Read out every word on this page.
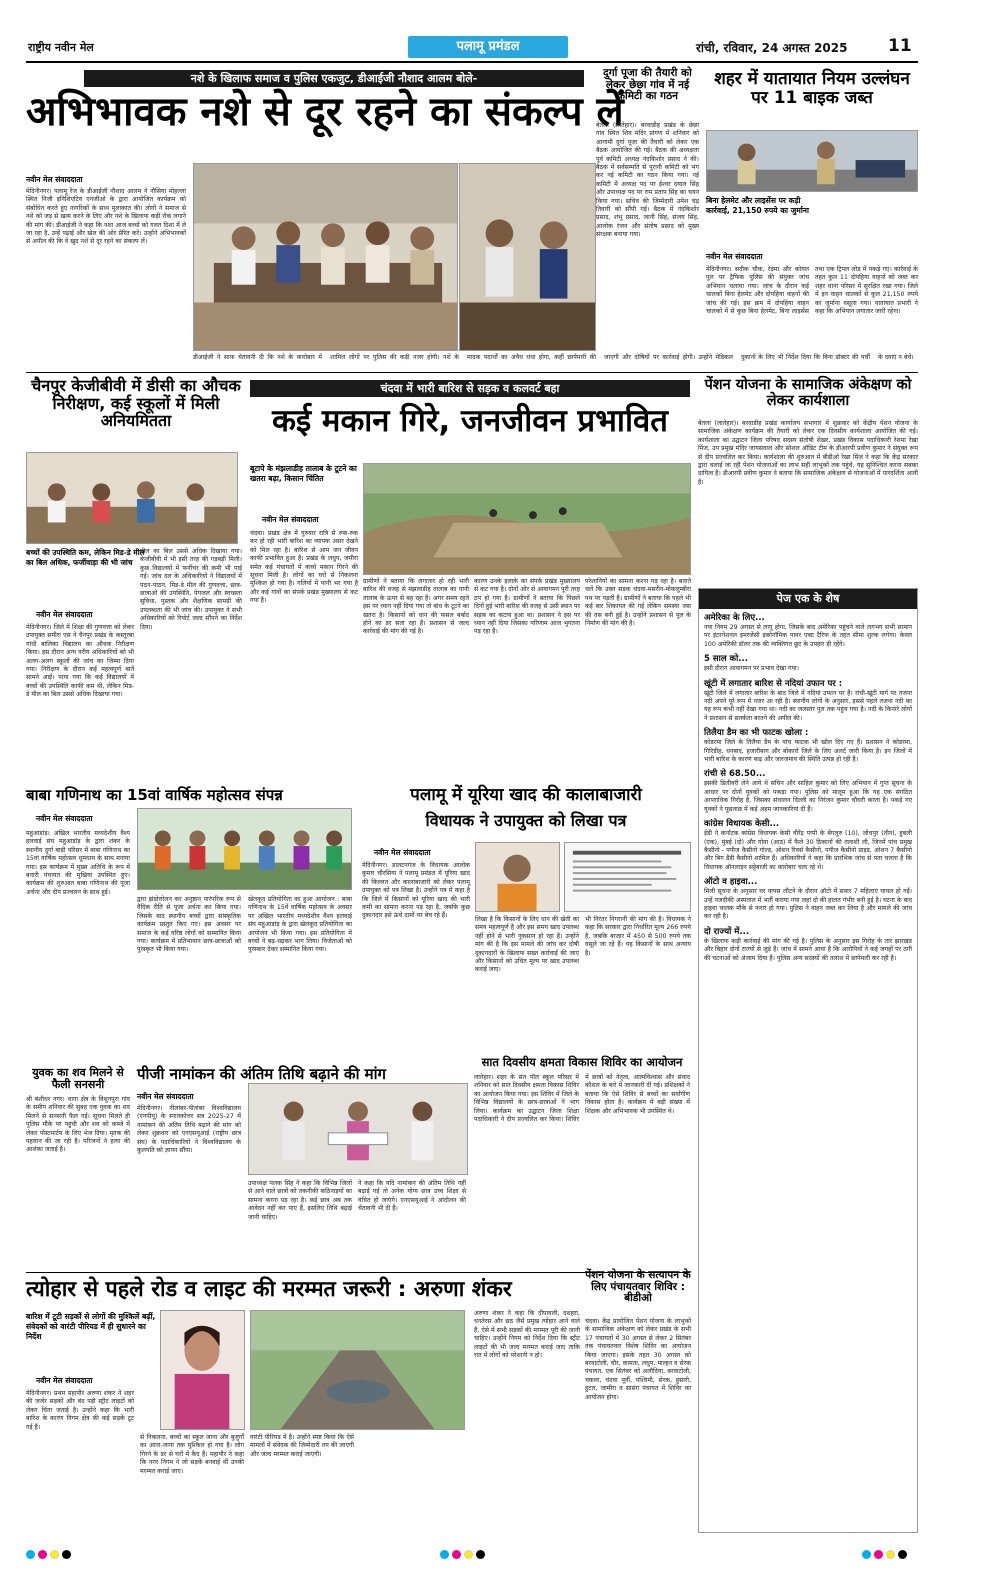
राष्ट्रीय नवीन मेल	पलामू प्रमंडल	रांची, रविवार, 24 अगस्त 2025 11
नशे के खिलाफ समाज व पुलिस एकजुट, डीआईजी नौशाद आलम बोले-
अभिभावक नशे से दूर रहने का संकल्प लें
नवीन मेल संवाददाता
मेदिनीनगर। पलामू रेंज के डीआईजी नौशाद आलम ने नौसिया मोहल्ला स्थित निजी इनिशिएटिव एनजीओ के द्वारा आयोजित कार्यक्रम को संबोधित करते हुए नागरिकों के साथ मुलाकात की। लोगों ने समाज से नशे को जड़ से खत्म करने के लिए और नशे के खिलाफ कड़ी रोक लगाने की मांग की। डीआईजी ने कहा कि नशा आज बच्चों को गलत दिशा में ले जा रहा है, उन्हें पढ़ाई और खेल की ओर प्रेरित करें। उन्होंने अभिभावकों से अपील की कि वे खुद नशे से दूर रहने का संकल्प लें।
डीआईजी ने साफ चेतावनी दी कि नशे के कारोबार में शामिल लोगों पर पुलिस की कड़ी नजर होगी। नशे के मादक पदार्थों का अवैध धंधा होगा, कहीं छापेमारी की जाएगी और दोषियों पर कार्रवाई होगी। उन्होंने मेडिकल दुकानों के लिए भी निर्देश दिया कि बिना डॉक्टर की पर्ची के दवाएं न बेचें।
दुर्गा पूजा की तैयारी को लेकर छेछा गांव में नई कमिटी का गठन
बेतला (लातेहार)। बरवाडीह प्रखंड के छेछा गांव स्थित शिव मंदिर प्रांगण में शनिवार को आगामी दुर्गा पूजा की तैयारी को लेकर एक बैठक आयोजित की गई। बैठक की अध्यक्षता पूर्व कमिटी अध्यक्ष नंदकिशोर प्रसाद ने की। बैठक में सर्वसम्मति से पुरानी कमिटी को भंग कर नई कमिटी का गठन किया गया। नई कमिटी में अध्यक्ष पद पर ईश्वर दयाल सिंह और उपाध्यक्ष पद पर राम प्रताप सिंह का चयन किया गया। सचिव की जिम्मेदारी उमेश चंद्र तिवारी को सौंपी गई। बैठक में नंदकिशोर प्रसाद, शंभु प्रसाद, जानी सिंह, संजय सिंह, आलोक रंजन और संतोष प्रसाद को मुख्य संरक्षक बनाया गया।
शहर में यातायात नियम उल्लंघन पर 11 बाइक जब्त
बिना हेलमेट और लाइसेंस पर कड़ी कार्रवाई, 21,150 रुपये का जुर्माना
नवीन मेल संवाददाता
मेदिनीनगर। सदीक चौक, रेड़मा और कोयल पुल पर ट्रैफिक पुलिस की संयुक्त जांच अभियान चलाया गया। जांच के दौरान कई चालकों बिना हेलमेट और दोपहिया वाहनों की जांच की गई। इस क्रम में दोपहिया वाहन चालकों में से कुछ बिना हेलमेट, बिना लाइसेंस तथा एक ट्रिपल लोड में पकड़े गए। कार्रवाई के तहत कुल 11 दोपहिया वाहनों को जब्त कर शहर थाना परिसर में सुरक्षित रखा गया। जिले में इन वाहन चालकों से कुल 21,150 रुपये का जुर्माना वसूला गया। यातायात प्रभारी ने कहा कि अभियान लगातार जारी रहेगा।
चैनपुर केजीबीवी में डीसी का औचक निरीक्षण, कई स्कूलों में मिली अनियमितता
बच्चों की उपस्थिति कम, लेकिन मिड-डे मील का बिल अधिक, फर्जीवाड़ा की भी जांच
नवीन मेल संवाददाता
मेदिनीनगर। जिले में शिक्षा की गुणवत्ता को लेकर उपायुक्त समीरा एस ने चैनपुर प्रखंड के कस्तूरबा गांधी बालिका विद्यालय का औचक निरीक्षण किया। इस दौरान अन्य वरीय अधिकारियों को भी अलग-अलग स्कूलों की जांच का जिम्मा दिया गया। निरीक्षण के दौरान कई महत्वपूर्ण बातें सामने आईं। पाया गया कि कई विद्यालयों में बच्चों की उपस्थिति काफी कम थी, लेकिन मिड-डे मील का बिल उससे अधिक दिखाया गया।
मील का बिल उससे अधिक दिखाया गया। केजीबीवी में भी इसी तरह की गड़बड़ी मिली। कुछ विद्यालयों में फर्नीचर की कमी भी पाई गई। जांच दल के अधिकारियों ने विद्यालयों में पठन-पाठन, मिड-डे मील की गुणवत्ता, छात्र-छात्राओं की उपस्थिति, पेयजल और स्वच्छता सुविधा, पुस्तक और शैक्षणिक सामग्री की उपलब्धता की भी जांच की। उपायुक्त ने सभी अधिकारियों को रिपोर्ट जल्द सौंपने का निर्देश दिया।
चंदवा में भारी बारिश से सड़क व कलवर्ट बहा
कई मकान गिरे, जनजीवन प्रभावित
बूटापे के मंझलाडीह तालाब के टूटने का खतरा बढ़ा, किसान चिंतित
नवीन मेल संवाददाता
चंदवा। प्रखंड क्षेत्र में गुरुवार रात्रि से रुक-रुक कर हो रही भारी बारिश का व्यापक असर देखने को मिल रहा है। बारिश से आम जन जीवन काफी प्रभावित हुआ है। प्रखंड के लधुप, जमीरा समेत कई पंचायतों में कच्चे मकान गिरने की सूचना मिली है। लोगों का घरों से निकलना मुश्किल हो गया है। गलियों में पानी भर गया है और कई गांवों का संपर्क प्रखंड मुख्यालय से कट गया है।
ग्रामीणों ने बताया कि लगातार हो रही भारी बारिश की वजह से मंझलाडीह तालाब का पानी तालाब के ऊपर से बह रहा है। अगर समय रहते इस पर ध्यान नहीं दिया गया तो बांध के टूटने का खतरा है। किसानों को धान की फसल बर्बाद होने का डर सता रहा है। प्रशासन से जल्द कार्रवाई की मांग की गई है।
कारण उनके इलाके का संपर्क प्रखंड मुख्यालय से कट गया है। दोनों ओर से आवागमन पूरी तरह ठप हो गया है। ग्रामीणों ने बताया कि पिछले दिनों हुई भारी बारिश की वजह से उसी स्थान पर सड़क का कटाव हुआ था। प्रशासन ने इस पर ध्यान नहीं दिया जिसका परिणाम आज भुगतना पड़ रहा है।
परेशानियों का सामना करना पड़ रहा है। बताते चलें कि उक्त सड़क चंदवा-मसरीन-मोकलुम्बीरा पथ पर पड़ती है। ग्रामीणों ने बताया कि पहले भी कई बार शिकायत की गई लेकिन समस्या जस की तस बनी हुई है। उन्होंने प्रशासन से पुल के निर्माण की मांग की है।
पेंशन योजना के सामाजिक अंकेक्षण को लेकर कार्यशाला
बेतला (लातेहार)। बरवाडीह प्रखंड कार्यालय सभागार में शुक्रवार को केंद्रीय पेंशन योजना के सामाजिक अंकेक्षण कार्यक्रम की तैयारी को लेकर एक दिवसीय कार्यशाला आयोजित की गई। कार्यशाला का उद्घाटन जिला परिषद सदस्य संतोषी शेखर, प्रखंड विकास पदाधिकारी रेशमा रेखा मिंज, उप प्रमुख मंदिर जायसवाल और सोशल ऑडिट टीम के डीआरपी प्रवीण कुमार ने संयुक्त रूप से दीप प्रज्वलित कर किया। कार्यशाला की शुरुआत में बीडीओ रेखा मिंज ने कहा कि केंद्र सरकार द्वारा चलाई जा रही पेंशन योजनाओं का लाभ सही लाभुकों तक पहुंचे, यह सुनिश्चित करना सबका दायित्व है। डीआरपी प्रवीण कुमार ने बताया कि सामाजिक अंकेक्षण से योजनाओं में पारदर्शिता आती है।
पेज एक के शेष
अमेरिका के लिए...
नया नियम 29 अगस्त से लागू होगा, जिसके बाद अमेरिका पहुंचने वाले लगभग सभी सामान पर इंटरनेशनल इमरजेंसी इकोनॉमिक पावर एक्ट टैरिफ के तहत सीमा शुल्क लगेगा। केवल 100 अमेरिकी डॉलर तक की व्यक्तिगत छूट के उपहार ही रहेंगे।
5 साल को...
इसी दौरान आवागमन पर प्रभाव देखा गया।
खूंटी में लगातार बारिश से नदियां उफान पर :
खूंटी जिले में लगातार बारिश के बाद जिले में नदियां उफान पर हैं। रांची-खूंटी मार्ग पर तजना नदी अपने पूरे रूप में नजर आ रही है। स्थानीय लोगों के अनुसार, इससे पहले तजना नदी का यह रूप कभी नहीं देखा गया था। नदी का जलस्तर पुल तक पहुंच गया है। नदी के किनारे लोगों ने प्रशासन से सतर्कता बरतने की अपील की।
तिलैया डैम का भी फाटक खोला :
कोडरमा जिले के तिलैया डैम के पांच फाटक भी खोल दिए गए हैं। प्रशासन ने कोडरमा, गिरिडीह, धनबाद, हजारीबाग और बोकारो जिले के लिए अलर्ट जारी किया है। इन जिलों में भारी बारिश के कारण बाढ़ और जलजमाव की स्थिति उत्पन्न हो रही है।
रांची से 68.50...
इसकी डिलीवरी लेने आये थे सचिन और साहिल कुमार को लिए अभियान में गुप्त सूचना के आधार पर दोनों युवकों को पकड़ा गया। पुलिस को मालूम हुआ कि यह एक संगठित आपराधिक गिरोह है, जिसका संचालन दिल्ली का निरंजन कुमार चौधरी करता है। पकड़े गए युवकों ने पूछताछ में कई अहम जानकारियां दी हैं।
कांग्रेस विधायक केसी...
ईडी ने कर्नाटक कांग्रेस विधायक केसी वीरेंद्र पप्पी के बेंगलुरु (10), जोधपुर (तीन), हुबली (एक), मुंबई (दो) और गोवा (आठ) में फैले 30 ठिकानों की तलाशी ली, जिनमें पांच प्रमुख कैसीनो - पपीज कैसीनो गोल्ड, ओशन रिवर्स कैसीनो, पपीज कैसीनो प्राइड, ओशन 7 कैसीनो और बिग डैडी कैसीनो शामिल हैं। अधिकारियों ने कहा कि प्रारंभिक जांच से पता चलता है कि विधायक ऑनलाइन सट्टेबाजी का कारोबार चला रहे थे।
ऑटो व हाइवा...
मिली सूचना के अनुसार घर वापस लौटने के दौरान ऑटो में सवार 7 महिलाएं घायल हो गईं। उन्हें नजदीकी अस्पताल में भर्ती कराया गया जहां दो की हालत गंभीर बनी हुई है। घटना के बाद हाइवा चालक मौके से फरार हो गया। पुलिस ने वाहन जब्त कर लिया है और मामले की जांच कर रही है।
दो राज्यों में...
के खिलाफ कड़ी कार्रवाई की मांग की गई है। पुलिस के अनुसार इस गिरोह के तार झारखंड और बिहार दोनों राज्यों से जुड़े हैं। जांच में सामने आया है कि आरोपियों ने कई जगहों पर ठगी की घटनाओं को अंजाम दिया है। पुलिस अन्य सदस्यों की तलाश में छापेमारी कर रही है।
बाबा गणिनाथ का 15वां वार्षिक महोत्सव संपन्न
नवीन मेल संवाददाता
महुआडांड़। अखिल भारतीय मध्यदेशीय वैश्य हलवाई संघ महुआडांड़ के द्वारा शंकर के स्थानीय दुर्गा बाड़ी परिसर में बाबा गणिनाथ का 15वां वार्षिक महोत्सव धूमधाम के साथ मनाया गया। इस कार्यक्रम में मुख्य अतिथि के रूप में बनारी पंचायत की मुखिया उपस्थित हुए। कार्यक्रम की शुरुआत बाबा गणिनाथ की पूजा अर्चना और दीप प्रज्वलन के साथ हुई।
द्वारा झंडोत्तोलन कर अनुष्ठान पारंपरिक रूप से वैदिक रीति से पूजा अर्चना कर किया गया। जिसके बाद स्थानीय बच्चों द्वारा सांस्कृतिक कार्यक्रम प्रस्तुत किए गए। इस अवसर पर समाज के कई वरिष्ठ लोगों को सम्मानित किया गया। कार्यक्रम में प्रतिभावान छात्र-छात्राओं को पुरस्कृत भी किया गया।
खेलकूद प्रतियोगिता का हुआ आयोजन : बाबा गणिनाथ के 15वें वार्षिक महोत्सव के अवसर पर अखिल भारतीय मध्यदेशीय वैश्य हलवाई संघ महुआडांड़ के द्वारा खेलकूद प्रतियोगिता का आयोजन भी किया गया। इस प्रतियोगिता में बच्चों ने बढ़-चढ़कर भाग लिया। विजेताओं को पुरस्कार देकर सम्मानित किया गया।
युवक का शव मिलने से फैली सनसनी
श्री बंशीधर नगर। थाना क्षेत्र के विशुनपुरा गांव के समीप शनिवार की सुबह एक युवक का शव मिलने से सनसनी फैल गई। सूचना मिलते ही पुलिस मौके पर पहुंची और शव को कब्जे में लेकर पोस्टमार्टम के लिए भेज दिया। मृतक की पहचान की जा रही है। परिजनों ने हत्या की आशंका जताई है।
पलामू में यूरिया खाद की कालाबाजारी
विधायक ने उपायुक्त को लिखा पत्र
नवीन मेल संवाददाता
मेदिनीनगर। डालटनगंज के विधायक आलोक कुमार चौरसिया ने पलामू प्रमंडल में यूरिया खाद की किल्लत और कालाबाजारी को लेकर पलामू उपायुक्त को पत्र लिखा है। उन्होंने पत्र में कहा है कि जिले में किसानों को यूरिया खाद की भारी कमी का सामना करना पड़ रहा है, जबकि कुछ दुकानदार इसे ऊंचे दामों पर बेच रहे हैं।
लिखा है कि किसानों के लिए धान की खेती का समय महत्वपूर्ण है और इस समय खाद उपलब्ध नहीं होने से भारी नुकसान हो रहा है। उन्होंने मांग की है कि इस मामले की जांच कर दोषी दुकानदारों के खिलाफ सख्त कार्रवाई की जाए और किसानों को उचित मूल्य पर खाद उपलब्ध कराई जाए।
भी निरंतर निगरानी की मांग की है। विधायक ने कहा कि सरकार द्वारा निर्धारित मूल्य 266 रुपये है, जबकि बाजार में 450 से 500 रुपये तक वसूले जा रहे हैं। यह किसानों के साथ अन्याय है।
सात दिवसीय क्षमता विकास शिविर का आयोजन
लातेहार। शहर के संत पॉल स्कूल परिसर में शनिवार को सात दिवसीय क्षमता विकास शिविर का आयोजन किया गया। इस शिविर में जिले के विभिन्न विद्यालयों के छात्र-छात्राओं ने भाग लिया। कार्यक्रम का उद्घाटन जिला शिक्षा पदाधिकारी ने दीप प्रज्वलित कर किया। शिविर में छात्रों को नेतृत्व, आत्मविश्वास और संवाद कौशल के बारे में जानकारी दी गई। प्रशिक्षकों ने बताया कि ऐसे शिविर से बच्चों का सर्वांगीण विकास होता है। कार्यक्रम में बड़ी संख्या में शिक्षक और अभिभावक भी उपस्थित थे।
पीजी नामांकन की अंतिम तिथि बढ़ाने की मांग
नवीन मेल संवाददाता
मेदिनीनगर। नीलांबर-पीतांबर विश्वविद्यालय (एनपीयू) के स्नातकोत्तर सत्र 2025-27 में नामांकन की अंतिम तिथि बढ़ाने की मांग को लेकर शुक्रवार को एनएसयूआई (राष्ट्रीय छात्र संघ) के पदाधिकारियों ने विश्वविद्यालय के कुलपति को ज्ञापन सौंपा।
उपाध्यक्ष पलक सिंह ने कहा कि विभिन्न जिलों से आने वाले छात्रों को तकनीकी कठिनाइयों का सामना करना पड़ रहा है। कई छात्र अब तक आवेदन नहीं कर पाए हैं, इसलिए तिथि बढ़ाई जानी चाहिए।
ने कहा कि यदि नामांकन की अंतिम तिथि नहीं बढ़ाई गई तो अनेक योग्य छात्र उच्च शिक्षा से वंचित हो जाएंगे। एनएसयूआई ने आंदोलन की चेतावनी भी दी है।
त्योहार से पहले रोड व लाइट की मरम्मत जरूरी : अरुणा शंकर
बारिश में टूटी सड़कों से लोगों की मुश्किलें बढ़ीं, संवेदकों को वारंटी पीरियड में ही सुधारने का निर्देश
नवीन मेल संवाददाता
मेदिनीनगर। प्रथम महापौर अरुणा शंकर ने शहर की जर्जर सड़कों और बंद पड़ी स्ट्रीट लाइटों को लेकर चिंता जताई है। उन्होंने कहा कि भारी बारिश के कारण निगम क्षेत्र की कई सड़कें टूट गई हैं।
से निकलना, बच्चों का स्कूल जाना और बुजुर्गों का आना-जाना तक मुश्किल हो गया है। लोग गिरने के डर से घरों में कैद हैं। महापौर ने कहा कि नगर निगम ने जो सड़कें बनवाई थीं उनकी मरम्मत कराई जाए।
वारंटी पीरियड में है। उन्होंने स्पष्ट किया कि ऐसे मामलों में संवेदक की जिम्मेदारी तय की जाएगी और जल्द मरम्मत कराई जाएगी।
अरुणा शंकर ने कहा कि दीपावली, दशहरा, धनतेरस और छठ जैसे प्रमुख त्योहार आने वाले हैं, ऐसे में सभी सड़कों की मरम्मत पूरी की जानी चाहिए। उन्होंने निगम को निर्देश दिया कि स्ट्रीट लाइटों की भी जल्द मरम्मत कराई जाए ताकि रात में लोगों को परेशानी न हो।
पेंशन योजना के सत्यापन के लिए पंचायतवार शिविर : बीडीओ
चंदवा। केंद्र प्रायोजित पेंशन योजना के लाभुकों के सामाजिक अंकेक्षण को लेकर प्रखंड के सभी 17 पंचायतों में 30 अगस्त से लेकर 2 सितंबर तक पंचायतवार विशेष शिविर का आयोजन किया जाएगा। इसके तहत 30 अगस्त को बरवाटोली, चौर, कामता, लधुप, माल्हन व सेरक पंचायत, एक सितंबर को अलौदिया, बरवाटोली, चकला, चंदवा पूर्वी, पश्चिमी, सेरक, हुसारो, हुटार, जामीरा व सासंग पंचायत में शिविर का आयोजन होगा।
